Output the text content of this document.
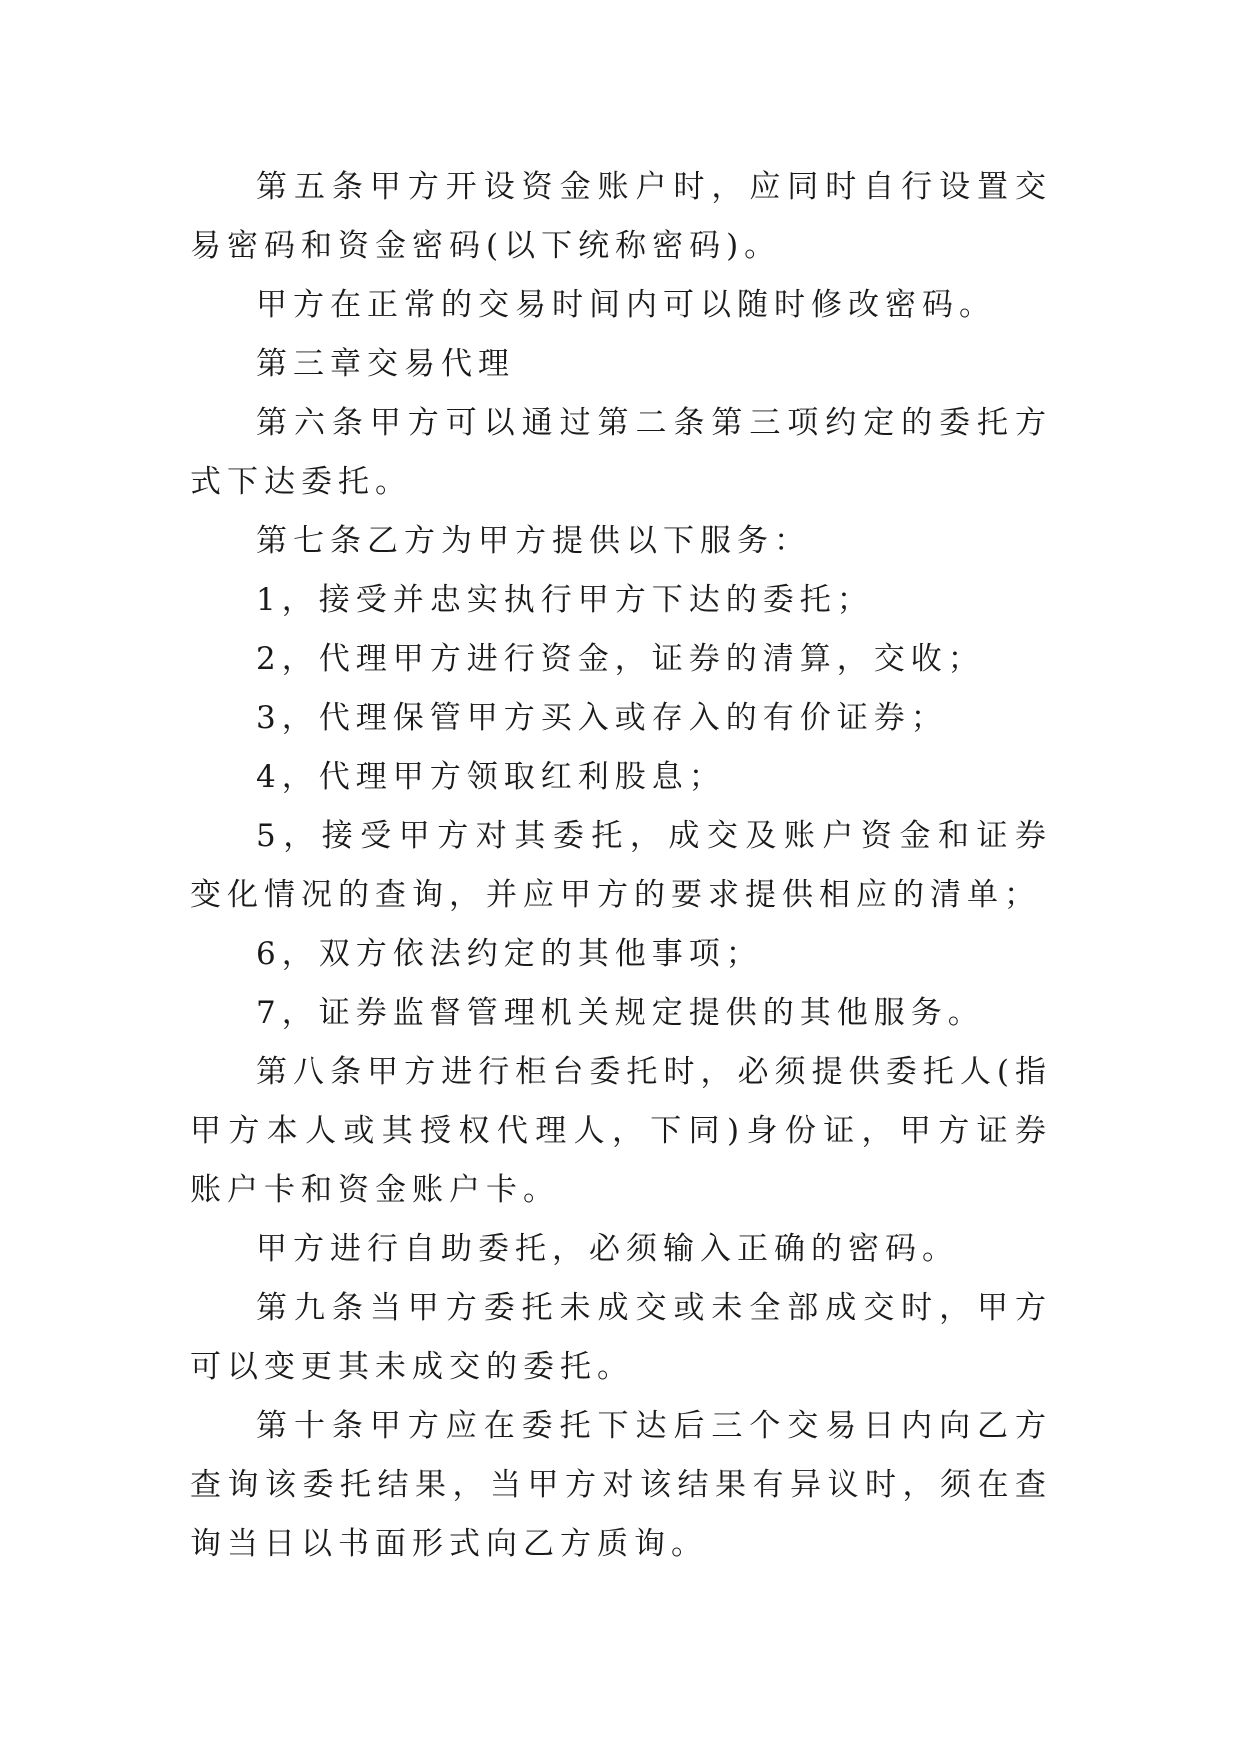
第五条甲方开设资金账户时，应同时自行设置交易密码和资金密码(以下统称密码)。

甲方在正常的交易时间内可以随时修改密码。

第三章交易代理

第六条甲方可以通过第二条第三项约定的委托方式下达委托。

第七条乙方为甲方提供以下服务：

1，接受并忠实执行甲方下达的委托；

2，代理甲方进行资金，证券的清算，交收；

3，代理保管甲方买入或存入的有价证券；

4，代理甲方领取红利股息；

5，接受甲方对其委托，成交及账户资金和证券变化情况的查询，并应甲方的要求提供相应的清单；

6，双方依法约定的其他事项；

7，证券监督管理机关规定提供的其他服务。

第八条甲方进行柜台委托时，必须提供委托人(指甲方本人或其授权代理人，下同)身份证，甲方证券账户卡和资金账户卡。

甲方进行自助委托，必须输入正确的密码。

第九条当甲方委托未成交或未全部成交时，甲方可以变更其未成交的委托。

第十条甲方应在委托下达后三个交易日内向乙方查询该委托结果，当甲方对该结果有异议时，须在查询当日以书面形式向乙方质询。
